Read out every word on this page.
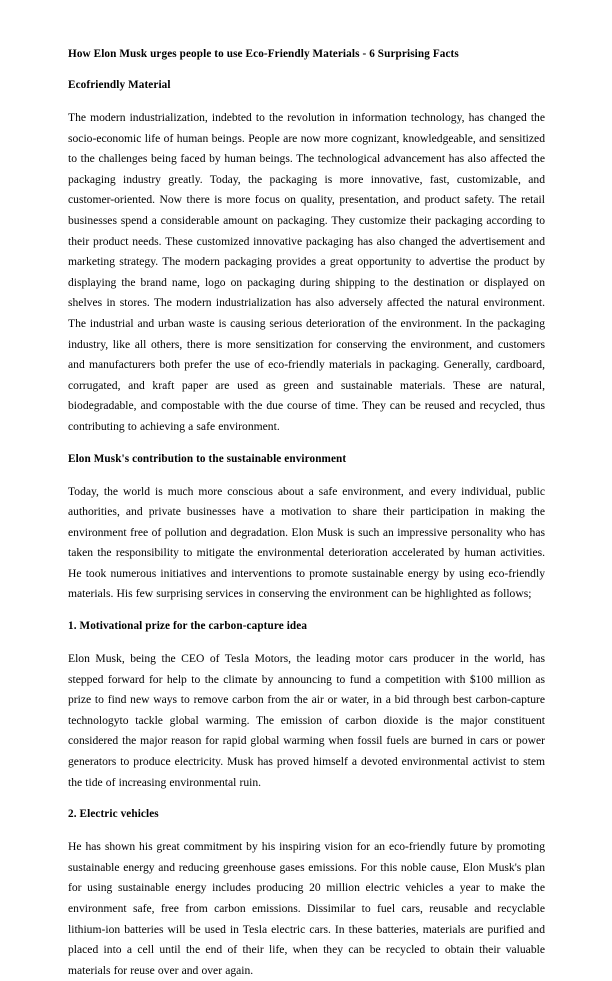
How Elon Musk urges people to use Eco-Friendly Materials - 6 Surprising Facts
Ecofriendly Material

The modern industrialization, indebted to the revolution in information technology, has changed the socio-economic life of human beings. People are now more cognizant, knowledgeable, and sensitized to the challenges being faced by human beings. The technological advancement has also affected the packaging industry greatly. Today, the packaging is more innovative, fast, customizable, and customer-oriented. Now there is more focus on quality, presentation, and product safety. The retail businesses spend a considerable amount on packaging. They customize their packaging according to their product needs. These customized innovative packaging has also changed the advertisement and marketing strategy. The modern packaging provides a great opportunity to advertise the product by displaying the brand name, logo on packaging during shipping to the destination or displayed on shelves in stores. The modern industrialization has also adversely affected the natural environment. The industrial and urban waste is causing serious deterioration of the environment. In the packaging industry, like all others, there is more sensitization for conserving the environment, and customers and manufacturers both prefer the use of eco-friendly materials in packaging. Generally, cardboard, corrugated, and kraft paper are used as green and sustainable materials. These are natural, biodegradable, and compostable with the due course of time. They can be reused and recycled, thus contributing to achieving a safe environment.

Elon Musk's contribution to the sustainable environment

Today, the world is much more conscious about a safe environment, and every individual, public authorities, and private businesses have a motivation to share their participation in making the environment free of pollution and degradation. Elon Musk is such an impressive personality who has taken the responsibility to mitigate the environmental deterioration accelerated by human activities. He took numerous initiatives and interventions to promote sustainable energy by using eco-friendly materials. His few surprising services in conserving the environment can be highlighted as follows;

1. Motivational prize for the carbon-capture idea

Elon Musk, being the CEO of Tesla Motors, the leading motor cars producer in the world, has stepped forward for help to the climate by announcing to fund a competition with $100 million as prize to find new ways to remove carbon from the air or water, in a bid through best carbon-capture technologyto tackle global warming. The emission of carbon dioxide is the major constituent considered the major reason for rapid global warming when fossil fuels are burned in cars or power generators to produce electricity. Musk has proved himself a devoted environmental activist to stem the tide of increasing environmental ruin.

2. Electric vehicles

He has shown his great commitment by his inspiring vision for an eco-friendly future by promoting sustainable energy and reducing greenhouse gases emissions. For this noble cause, Elon Musk's plan for using sustainable energy includes producing 20 million electric vehicles a year to make the environment safe, free from carbon emissions. Dissimilar to fuel cars, reusable and recyclable lithium-ion batteries will be used in Tesla electric cars. In these batteries, materials are purified and placed into a cell until the end of their life, when they can be recycled to obtain their valuable materials for reuse over and over again.
